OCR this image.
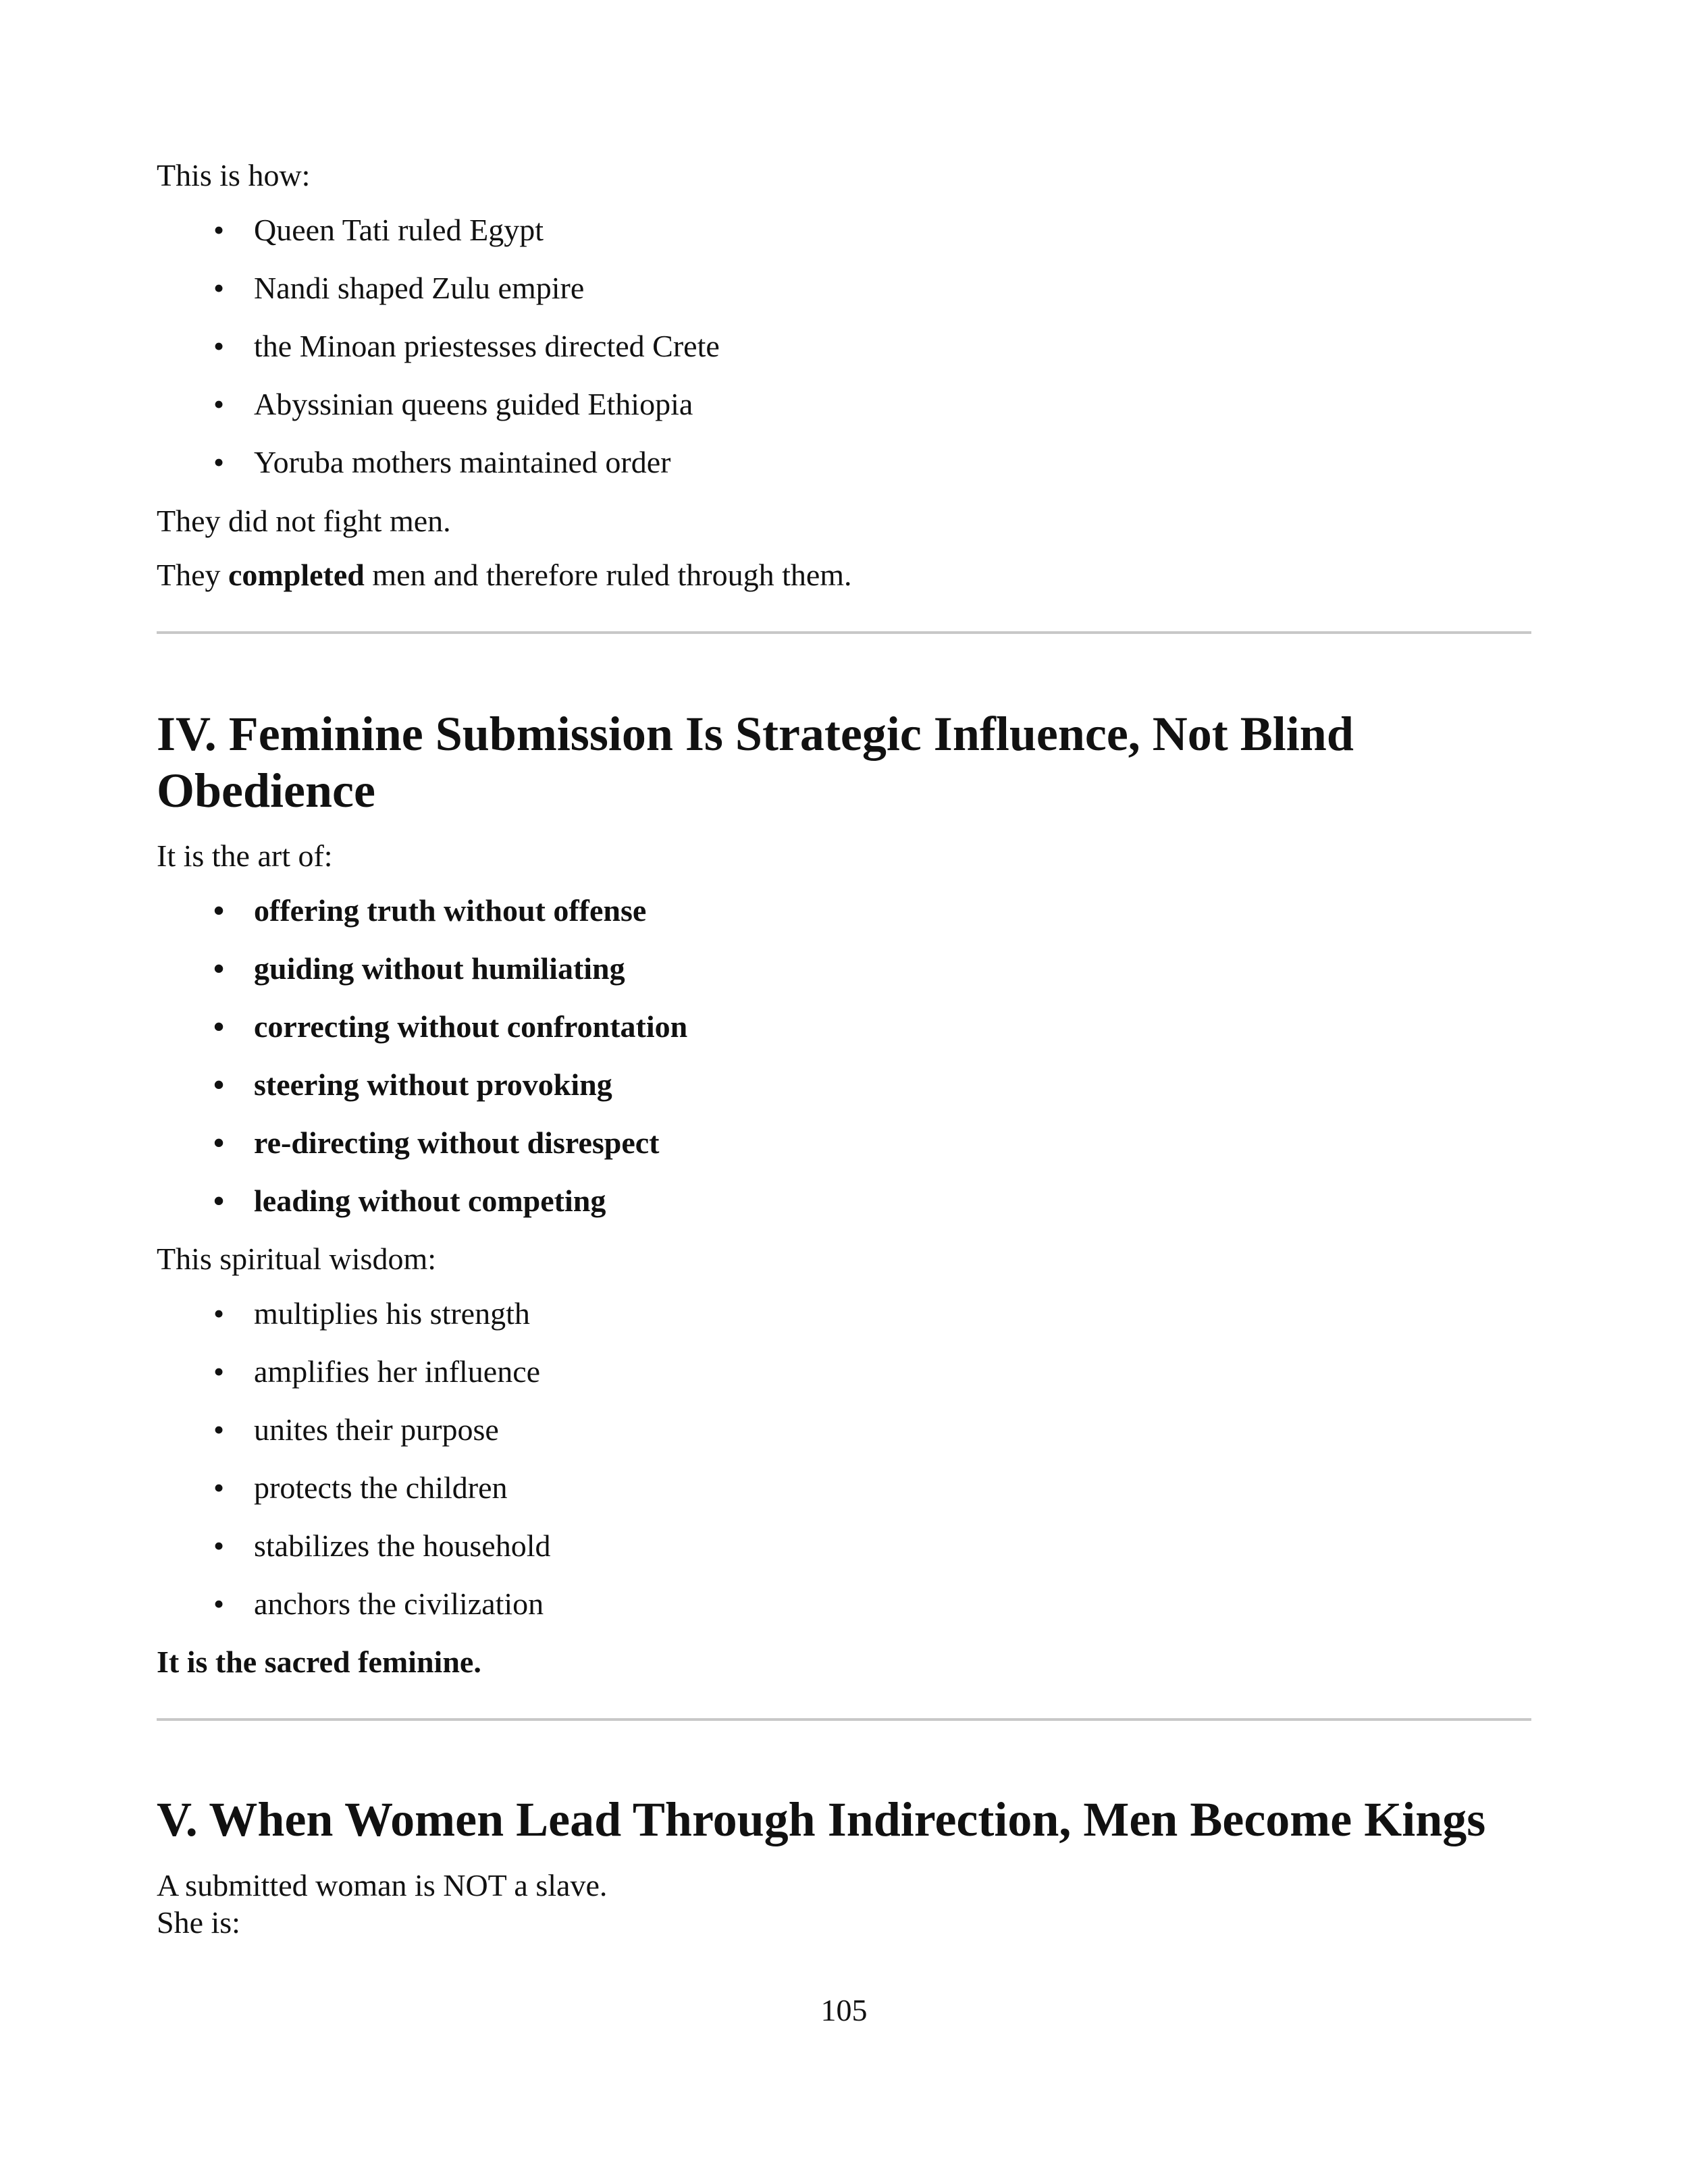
This is how:

• Queen Tati ruled Egypt
• Nandi shaped Zulu empire
• the Minoan priestesses directed Crete
• Abyssinian queens guided Ethiopia
• Yoruba mothers maintained order

They did not fight men.

They completed men and therefore ruled through them.

IV. Feminine Submission Is Strategic Influence, Not Blind
Obedience

It is the art of:

• offering truth without offense
• guiding without humiliating
• correcting without confrontation
• steering without provoking
• re-directing without disrespect
• leading without competing

This spiritual wisdom:

• multiplies his strength
• amplifies her influence
• unites their purpose
• protects the children
• stabilizes the household
• anchors the civilization

It is the sacred feminine.

V. When Women Lead Through Indirection, Men Become Kings

A submitted woman is NOT a slave.

She is:

105
